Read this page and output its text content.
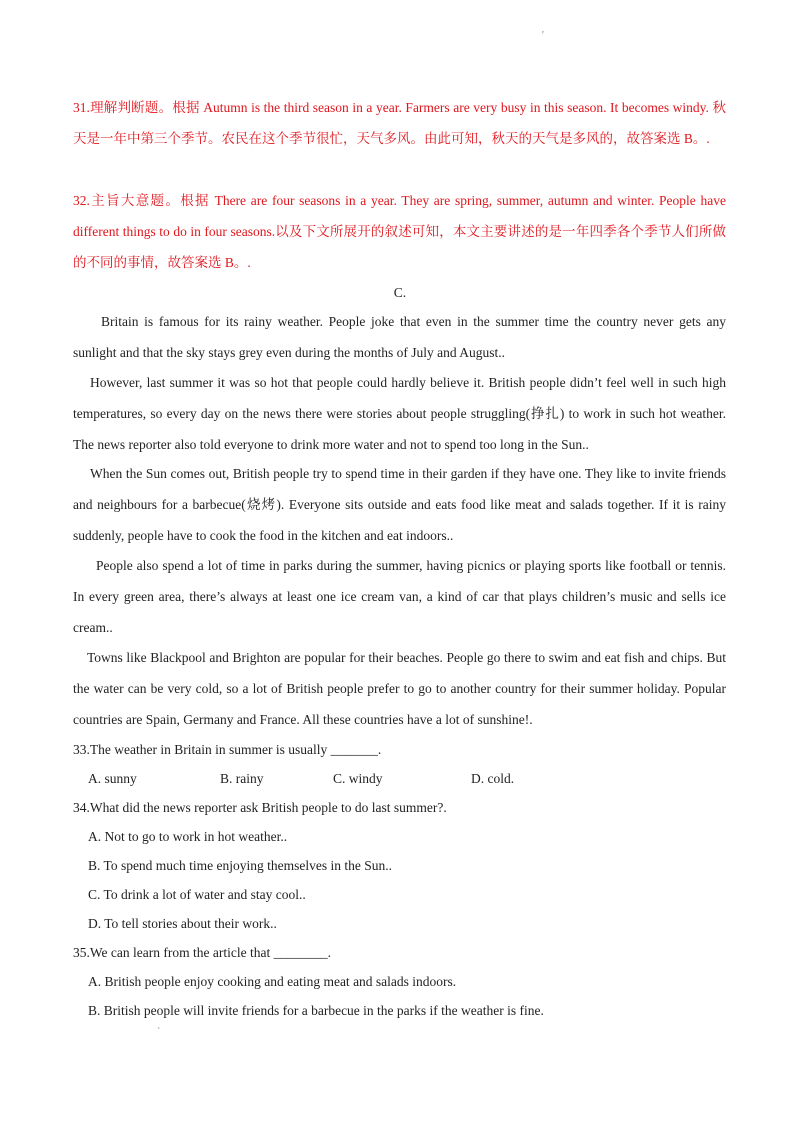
'
31.理解判断题。根据 Autumn is the third season in a year. Farmers are very busy in this season. It becomes windy. 秋天是一年中第三个季节。农民在这个季节很忙，天气多风。由此可知，秋天的天气是多风的，故答案选 B。.
32.主旨大意题。根据 There are four seasons in a year. They are spring, summer, autumn and winter. People have different things to do in four seasons.以及下文所展开的叙述可知，本文主要讲述的是一年四季各个季节人们所做的不同的事情，故答案选 B。.
C.
Britain is famous for its rainy weather. People joke that even in the summer time the country never gets any sunlight and that the sky stays grey even during the months of July and August..
However, last summer it was so hot that people could hardly believe it. British people didn’t feel well in such high temperatures, so every day on the news there were stories about people struggling(挣扎) to work in such hot weather. The news reporter also told everyone to drink more water and not to spend too long in the Sun..
When the Sun comes out, British people try to spend time in their garden if they have one. They like to invite friends and neighbours for a barbecue(烧烤). Everyone sits outside and eats food like meat and salads together. If it is rainy suddenly, people have to cook the food in the kitchen and eat indoors..
People also spend a lot of time in parks during the summer, having picnics or playing sports like football or tennis. In every green area, there’s always at least one ice cream van, a kind of car that plays children’s music and sells ice cream..
Towns like Blackpool and Brighton are popular for their beaches. People go there to swim and eat fish and chips. But the water can be very cold, so a lot of British people prefer to go to another country for their summer holiday. Popular countries are Spain, Germany and France. All these countries have a lot of sunshine!.
33.The weather in Britain in summer is usually _______.
A. sunny	B. rainy	C. windy	D. cold.
34.What did the news reporter ask British people to do last summer?.
A. Not to go to work in hot weather..
B. To spend much time enjoying themselves in the Sun..
C. To drink a lot of water and stay cool..
D. To tell stories about their work..
35.We can learn from the article that ________.
A. British people enjoy cooking and eating meat and salads indoors.
B. British people will invite friends for a barbecue in the parks if the weather is fine.
`
